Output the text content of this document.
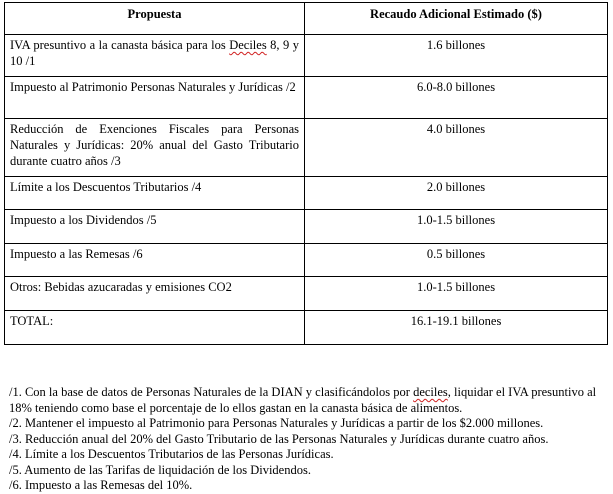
Propuesta	Recaudo Adicional Estimado ($)
IVA presuntivo a la canasta básica para los Deciles 8, 9 y 10 /1	1.6 billones
Impuesto al Patrimonio Personas Naturales y Jurídicas /2	6.0-8.0 billones
Reducción de Exenciones Fiscales para Personas Naturales y Jurídicas: 20% anual del Gasto Tributario durante cuatro años /3	4.0 billones
Límite a los Descuentos Tributarios /4	2.0 billones
Impuesto a los Dividendos /5	1.0-1.5 billones
Impuesto a las Remesas /6	0.5 billones
Otros: Bebidas azucaradas y emisiones CO2	1.0-1.5 billones
TOTAL:	16.1-19.1 billones

/1. Con la base de datos de Personas Naturales de la DIAN y clasificándolos por deciles, liquidar el IVA presuntivo al 18% teniendo como base el porcentaje de lo ellos gastan en la canasta básica de alimentos.

/2. Mantener el impuesto al Patrimonio para Personas Naturales y Jurídicas a partir de los $2.000 millones.

/3. Reducción anual del 20% del Gasto Tributario de las Personas Naturales y Jurídicas durante cuatro años.

/4. Límite a los Descuentos Tributarios de las Personas Jurídicas.

/5. Aumento de las Tarifas de liquidación de los Dividendos.

/6. Impuesto a las Remesas del 10%.
